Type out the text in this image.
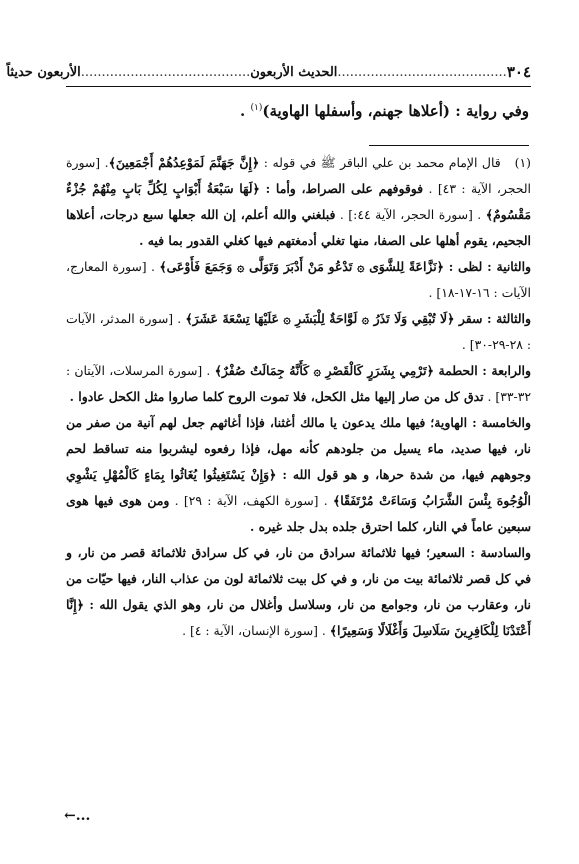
٣٠٤
.........................................
الحديث الأربعون
.........................................
الأربعون حديثاً
وفي رواية : (أعلاها جهنم، وأسفلها الهاوية)$^{(١)}$ .

(١)قال الإمام محمد بن علي الباقر ﷺ في قوله : ﴿إِنَّ جَهَنَّمَ لَمَوْعِدُهُمْ أَجْمَعِينَ﴾. [سورة الحجر، الآية : ٤٣] . فوقوفهم على الصراط، وأما : ﴿لَهَا سَبْعَةُ أَبْوَابٍ لِكُلِّ بَابٍ مِنْهُمْ جُزْءٌ مَقْسُومٌ﴾ . [سورة الحجر، الآية ٤٤:] . فبلغني والله أعلم، إن الله جعلها سبع درجات، أعلاها الجحيم، يقوم أهلها على الصفا، منها تغلي أدمغتهم فيها كغلي القدور بما فيه .

والثانية : لظى : ﴿نَزَّاعَةً لِلشَّوَى ۞ تَدْعُو مَنْ أَدْبَرَ وَتَوَلَّى ۞ وَجَمَعَ فَأَوْعَى﴾ . [سورة المعارج، الآيات : ١٦-١٧-١٨] .

والثالثة : سقر ﴿لَا تُبْقِي وَلَا تَذَرُ ۞ لَوَّاحَةٌ لِلْبَشَرِ ۞ عَلَيْهَا تِسْعَةَ عَشَرَ﴾ . [سورة المدثر، الآيات : ٢٨-٢٩-٣٠] .

والرابعة : الحطمة ﴿تَرْمِي بِشَرَرٍ كَالْقَصْرِ ۞ كَأَنَّهُ جِمَالَتٌ صُفْرٌ﴾ . [سورة المرسلات، الآيتان : ٣٢-٣٣] . تدق كل من صار إليها مثل الكحل، فلا تموت الروح كلما صاروا مثل الكحل عادوا .

والخامسة : الهاوية؛ فيها ملك يدعون يا مالك أغثنا، فإذا أغاثهم جعل لهم آنية من صفر من نار، فيها صديد، ماء يسيل من جلودهم كأنه مهل، فإذا رفعوه ليشربوا منه تساقط لحم وجوههم فيها، من شدة حرها، و هو قول الله : ﴿وَإِنْ يَسْتَغِيثُوا يُغَاثُوا بِمَاءٍ كَالْمُهْلِ يَشْوِي الْوُجُوهَ بِئْسَ الشَّرَابُ وَسَاءَتْ مُرْتَفَقًا﴾ . [سورة الكهف، الآية : ٢٩] . ومن هوى فيها هوى سبعين عاماً في النار، كلما احترق جلده بدل جلد غيره .

والسادسة : السعير؛ فيها ثلاثمائة سرادق من نار، في كل سرادق ثلاثمائة قصر من نار، و في كل قصر ثلاثمائة بيت من نار، و في كل بيت ثلاثمائة لون من عذاب النار، فيها حيّات من نار، وعقارب من نار، وجوامع من نار، وسلاسل وأغلال من نار، وهو الذي يقول الله : ﴿إِنَّا أَعْتَدْنَا لِلْكَافِرِينَ سَلَاسِلَ وَأَغْلَالًا وَسَعِيرًا﴾ . [سورة الإنسان، الآية : ٤] .

←...
